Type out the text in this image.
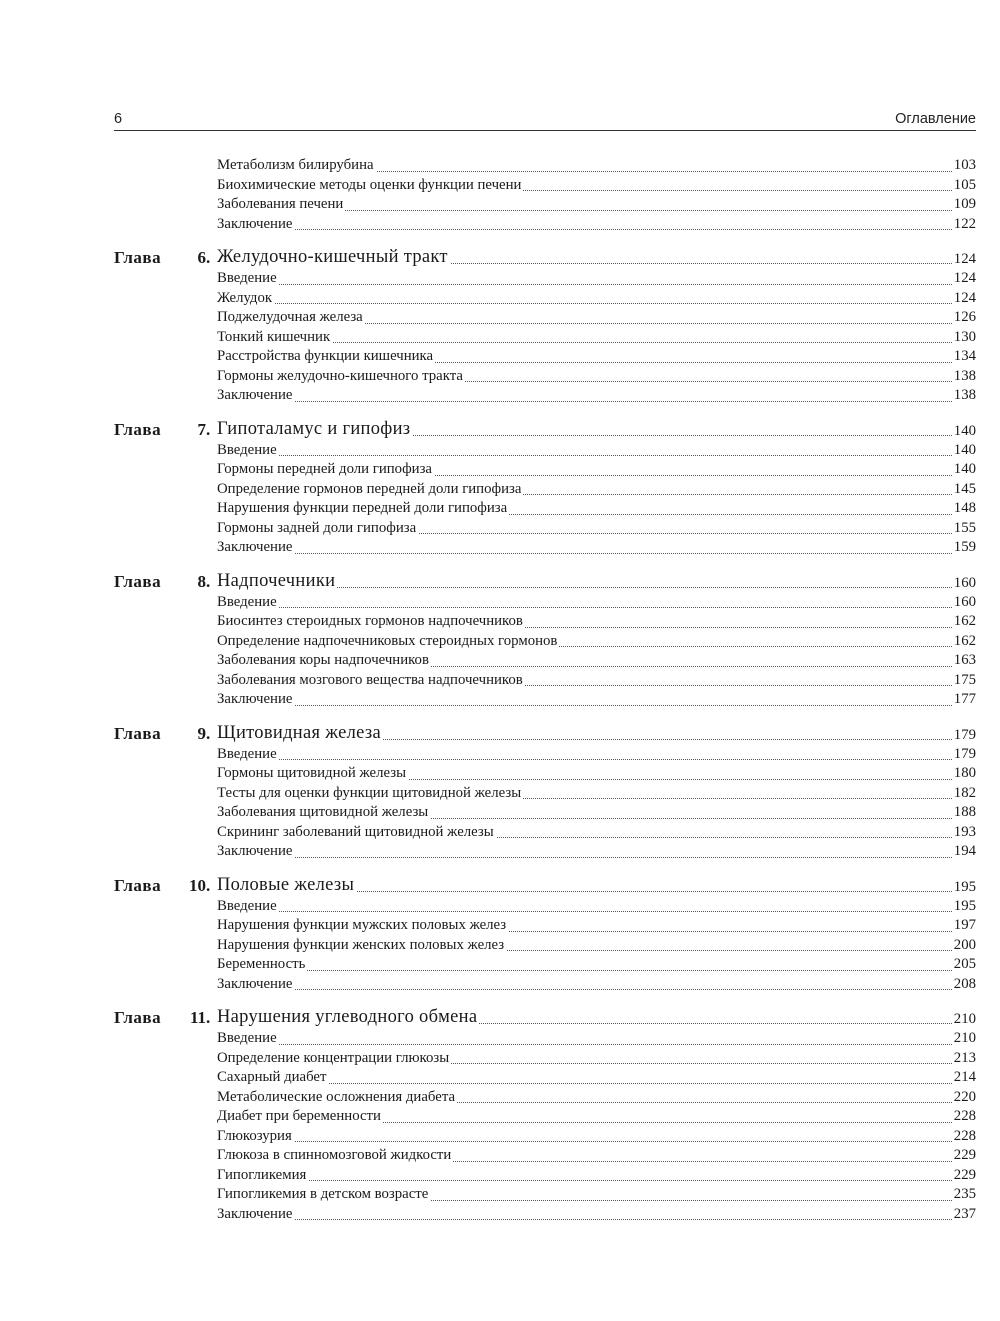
6	Оглавление
Метаболизм билирубина	103
Биохимические методы оценки функции печени	105
Заболевания печени	109
Заключение	122
Глава	6 . Желудочно-кишечный тракт	124
Введение	124
Желудок	124
Поджелудочная железа	126
Тонкий кишечник	130
Расстройства функции кишечника	134
Гормоны желудочно-кишечного тракта	138
Заключение	138
Глава	7 . Гипоталамус и гипофиз	140
Введение	140
Гормоны передней доли гипофиза	140
Определение гормонов передней доли гипофиза	145
Нарушения функции передней доли гипофиза	148
Гормоны задней доли гипофиза	155
Заключение	159
Глава	8 . Надпочечники	160
Введение	160
Биосинтез стероидных гормонов надпочечников	162
Определение надпочечниковых стероидных гормонов	162
Заболевания коры надпочечников	163
Заболевания мозгового вещества надпочечников	175
Заключение	177
Глава	9 . Щитовидная железа	179
Введение	179
Гормоны щитовидной железы	180
Тесты для оценки функции щитовидной железы	182
Заболевания щитовидной железы	188
Скрининг заболеваний щитовидной железы	193
Заключение	194
Глава 10 . Половые железы	195
Введение	195
Нарушения функции мужских половых желез	197
Нарушения функции женских половых желез	200
Беременность	205
Заключение	208
Глава	11 . Нарушения углеводного обмена	210
Введение	210
Определение концентрации глюкозы	213
Сахарный диабет	214
Метаболические осложнения диабета	220
Диабет при беременности	228
Глюкозурия	228
Глюкоза в спинномозговой жидкости	229
Гипогликемия	229
Гипогликемия в детском возрасте	235
Заключение	237
